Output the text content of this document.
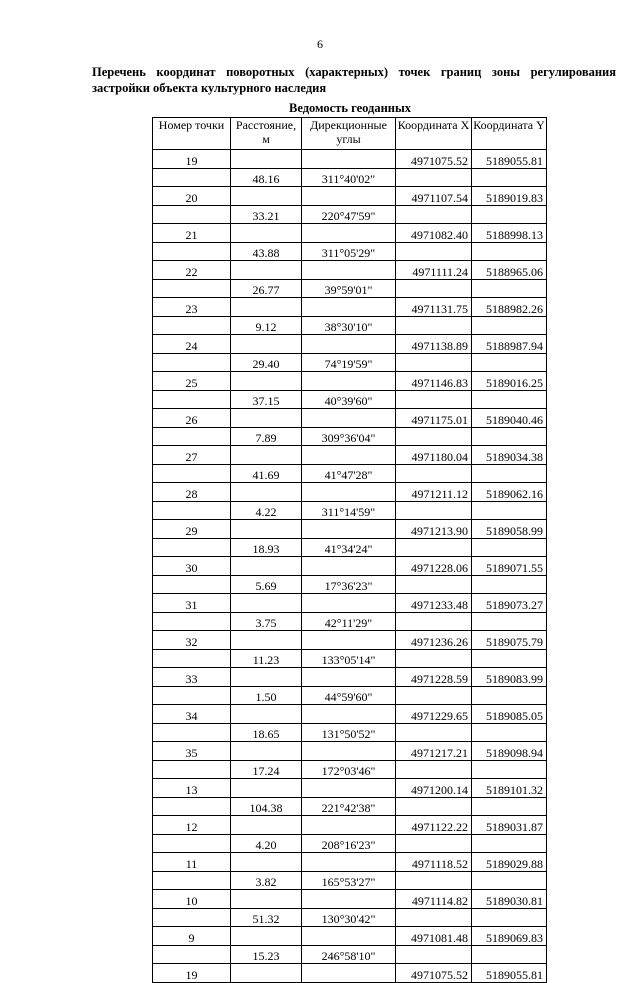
6
Перечень координат поворотных (характерных) точек границ зоны регулирования застройки объекта культурного наследия
Ведомость геоданных
Номер точки	Расстояние, м	Дирекционные углы	Координата X	Координата Y
19			4971075.52	5189055.81
	48.16	311°40'02"		
20			4971107.54	5189019.83
	33.21	220°47'59"		
21			4971082.40	5188998.13
	43.88	311°05'29"		
22			4971111.24	5188965.06
	26.77	39°59'01"		
23			4971131.75	5188982.26
	9.12	38°30'10"		
24			4971138.89	5188987.94
	29.40	74°19'59"		
25			4971146.83	5189016.25
	37.15	40°39'60"		
26			4971175.01	5189040.46
	7.89	309°36'04"		
27			4971180.04	5189034.38
	41.69	41°47'28"		
28			4971211.12	5189062.16
	4.22	311°14'59"		
29			4971213.90	5189058.99
	18.93	41°34'24"		
30			4971228.06	5189071.55
	5.69	17°36'23"		
31			4971233.48	5189073.27
	3.75	42°11'29"		
32			4971236.26	5189075.79
	11.23	133°05'14"		
33			4971228.59	5189083.99
	1.50	44°59'60"		
34			4971229.65	5189085.05
	18.65	131°50'52"		
35			4971217.21	5189098.94
	17.24	172°03'46"		
13			4971200.14	5189101.32
	104.38	221°42'38"		
12			4971122.22	5189031.87
	4.20	208°16'23"		
11			4971118.52	5189029.88
	3.82	165°53'27"		
10			4971114.82	5189030.81
	51.32	130°30'42"		
9			4971081.48	5189069.83
	15.23	246°58'10"		
19			4971075.52	5189055.81
